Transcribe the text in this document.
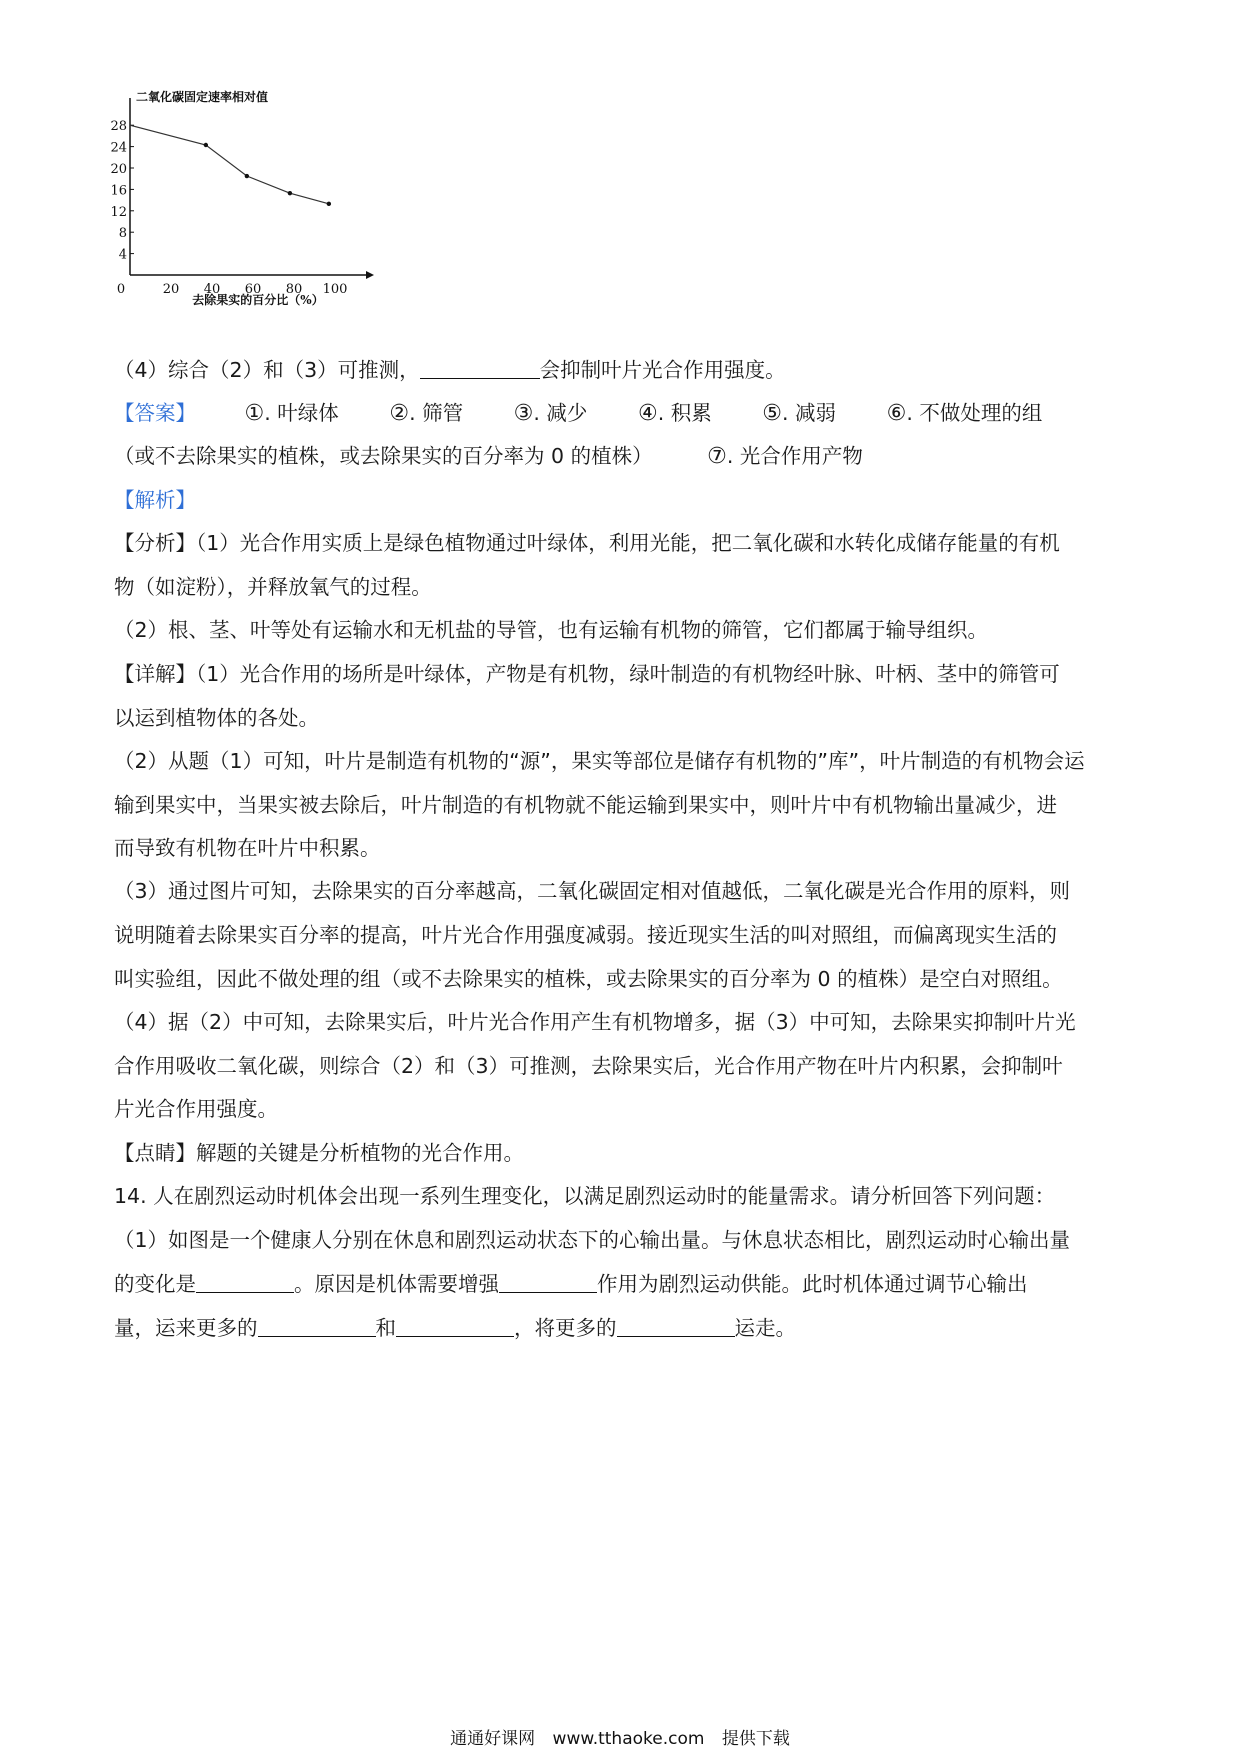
二氧化碳固定速率相对值
4
8
12
16
20
24
28
0	20 40 60 80 100
去除果实的百分比（%）
（4）综合（2）和（3）可推测，	会抑制叶片光合作用强度。
【答案】 ①. 叶绿体 ②. 筛管 ③. 减少 ④. 积累 ⑤. 减弱 ⑥. 不做处理的组
（或不去除果实的植株，或去除果实的百分率为 0 的植株） ⑦. 光合作用产物
【解析】
【分析】（1）光合作用实质上是绿色植物通过叶绿体，利用光能，把二氧化碳和水转化成储存能量的有机
物（如淀粉），并释放氧气的过程。
（2）根、茎、叶等处有运输水和无机盐的导管，也有运输有机物的筛管，它们都属于输导组织。
【详解】（1）光合作用的场所是叶绿体，产物是有机物，绿叶制造的有机物经叶脉、叶柄、茎中的筛管可
以运到植物体的各处。
（2）从题（1）可知，叶片是制造有机物的“源”，果实等部位是储存有机物的”库”，叶片制造的有机物会运
输到果实中，当果实被去除后，叶片制造的有机物就不能运输到果实中，则叶片中有机物输出量减少，进
而导致有机物在叶片中积累。
（3）通过图片可知，去除果实的百分率越高，二氧化碳固定相对值越低，二氧化碳是光合作用的原料，则
说明随着去除果实百分率的提高，叶片光合作用强度减弱。接近现实生活的叫对照组，而偏离现实生活的
叫实验组，因此不做处理的组（或不去除果实的植株，或去除果实的百分率为 0 的植株）是空白对照组。
（4）据（2）中可知，去除果实后，叶片光合作用产生有机物增多，据（3）中可知，去除果实抑制叶片光
合作用吸收二氧化碳，则综合（2）和（3）可推测，去除果实后，光合作用产物在叶片内积累，会抑制叶
片光合作用强度。
【点睛】解题的关键是分析植物的光合作用。
14. 人在剧烈运动时机体会出现一系列生理变化，以满足剧烈运动时的能量需求。请分析回答下列问题：
（1）如图是一个健康人分别在休息和剧烈运动状态下的心输出量。与休息状态相比，剧烈运动时心输出量
的变化是	。原因是机体需要增强	作用为剧烈运动供能。此时机体通过调节心输出
量，运来更多的	和	，将更多的	运走。
通通好课网 www.tthaoke.com 提供下载
